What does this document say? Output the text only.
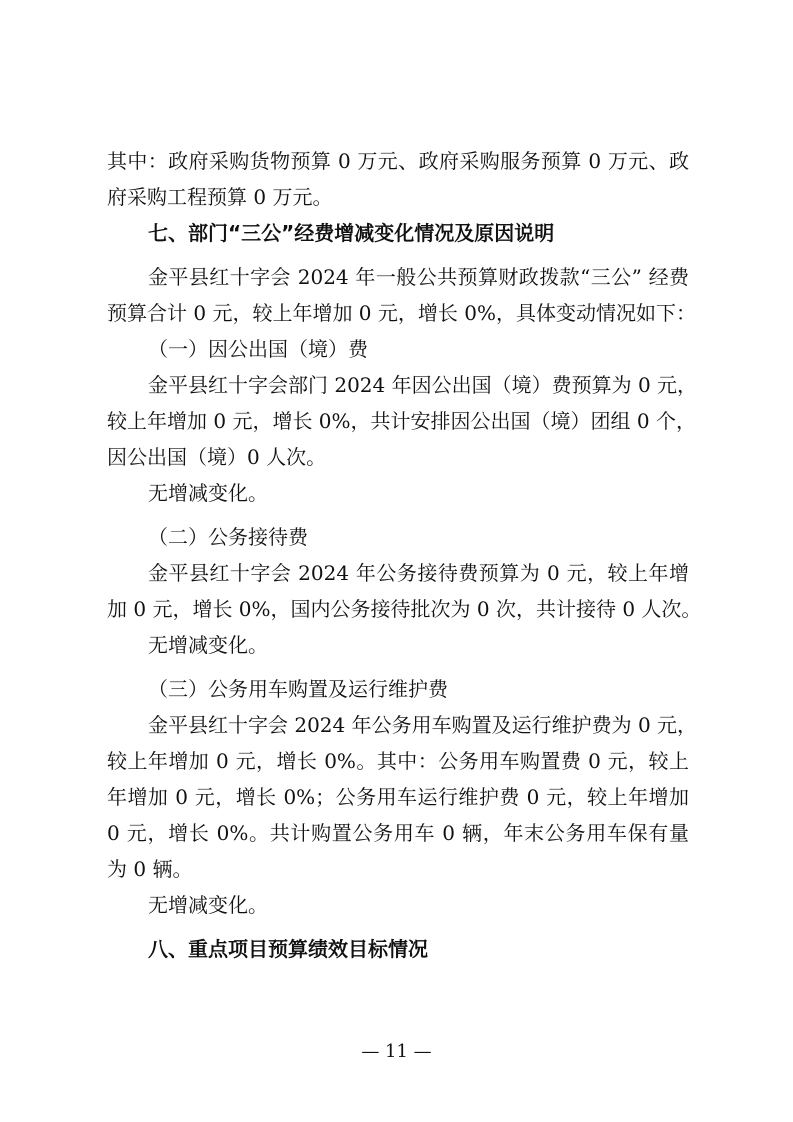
其中：政府采购货物预算 0 万元、政府采购服务预算 0 万元、政
府采购工程预算 0 万元。
七、部门“三公”经费增减变化情况及原因说明
金平县红十字会 2024 年一般公共预算财政拨款“三公” 经费
预算合计 0 元，较上年增加 0 元，增长 0%，具体变动情况如下：
（一）因公出国（境）费
金平县红十字会部门 2024 年因公出国（境）费预算为 0 元，
较上年增加 0 元，增长 0%，共计安排因公出国（境）团组 0 个，
因公出国（境）0 人次。
无增减变化。
（二）公务接待费
金平县红十字会 2024 年公务接待费预算为 0 元，较上年增
加 0 元，增长 0%，国内公务接待批次为 0 次，共计接待 0 人次。
无增减变化。
（三）公务用车购置及运行维护费
金平县红十字会 2024 年公务用车购置及运行维护费为 0 元，
较上年增加 0 元，增长 0%。其中：公务用车购置费 0 元，较上
年增加 0 元，增长 0%；公务用车运行维护费 0 元，较上年增加
0 元，增长 0%。共计购置公务用车 0 辆，年末公务用车保有量
为 0 辆。
无增减变化。
八、重点项目预算绩效目标情况
— 11 —
